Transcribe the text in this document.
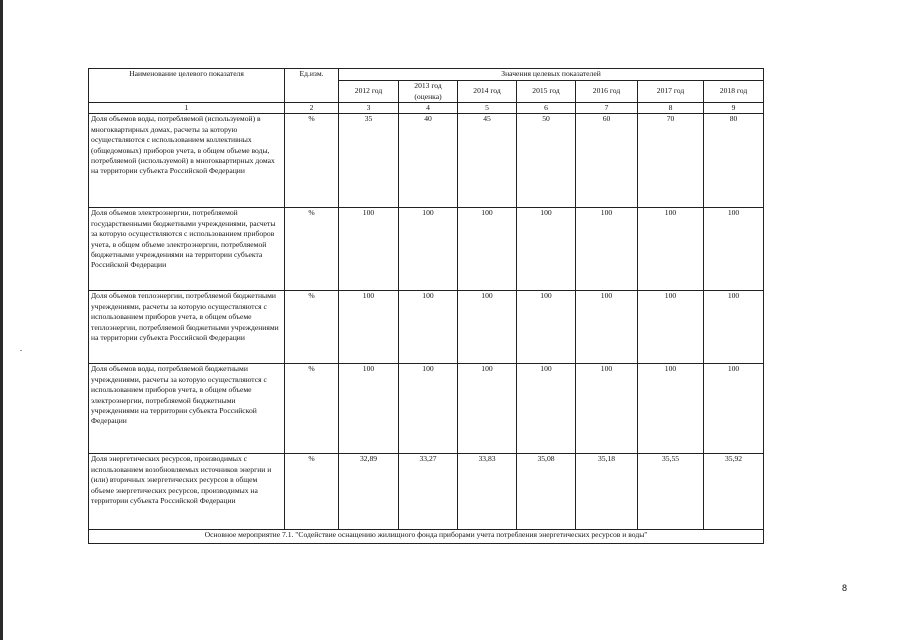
Наименование целевого показателя	Ед.изм.	Значения целевых показателей						
		2012 год	2013 год (оценка)	2014 год	2015 год	2016 год	2017 год	2018 год
1	2	3	4	5	6	7	8	9
Доля объемов воды, потребляемой (используемой) в многоквартирных домах, расчеты за которую осуществляются с использованием коллективных (общедомовых) приборов учета, в общем объеме воды, потребляемой (используемой) в многоквартирных домах на территории субъекта Российской Федерации	%	35	40	45	50	60	70	80
Доля объемов электроэнергии, потребляемой государственными бюджетными учреждениями, расчеты за которую осуществляются с использованием приборов учета, в общем объеме электроэнергии, потребляемой бюджетными учреждениями на территории субъекта Российской Федерации	%	100	100	100	100	100	100	100
Доля объемов теплоэнергии, потребляемой бюджетными учреждениями, расчеты за которую осуществляются с использованием приборов учета, в общем объеме теплоэнергии, потребляемой бюджетными учреждениями на территории субъекта Российской Федерации	%	100	100	100	100	100	100	100
Доля объемов воды, потребляемой бюджетными учреждениями, расчеты за которую осуществляются с использованием приборов учета, в общем объеме электроэнергии, потребляемой бюджетными учреждениями на территории субъекта Российской Федерации	%	100	100	100	100	100	100	100
Доля энергетических ресурсов, производимых с использованием возобновляемых источников энергии и (или) вторичных энергетических ресурсов в общем объеме энергетических ресурсов, производимых на территории субъекта Российской Федерации	%	32,89	33,27	33,83	35,08	35,18	35,55	35,92
Основное мероприятие 7.1. "Содействие оснащению жилищного фонда приборами учета потребления энергетических ресурсов и воды"								
8
